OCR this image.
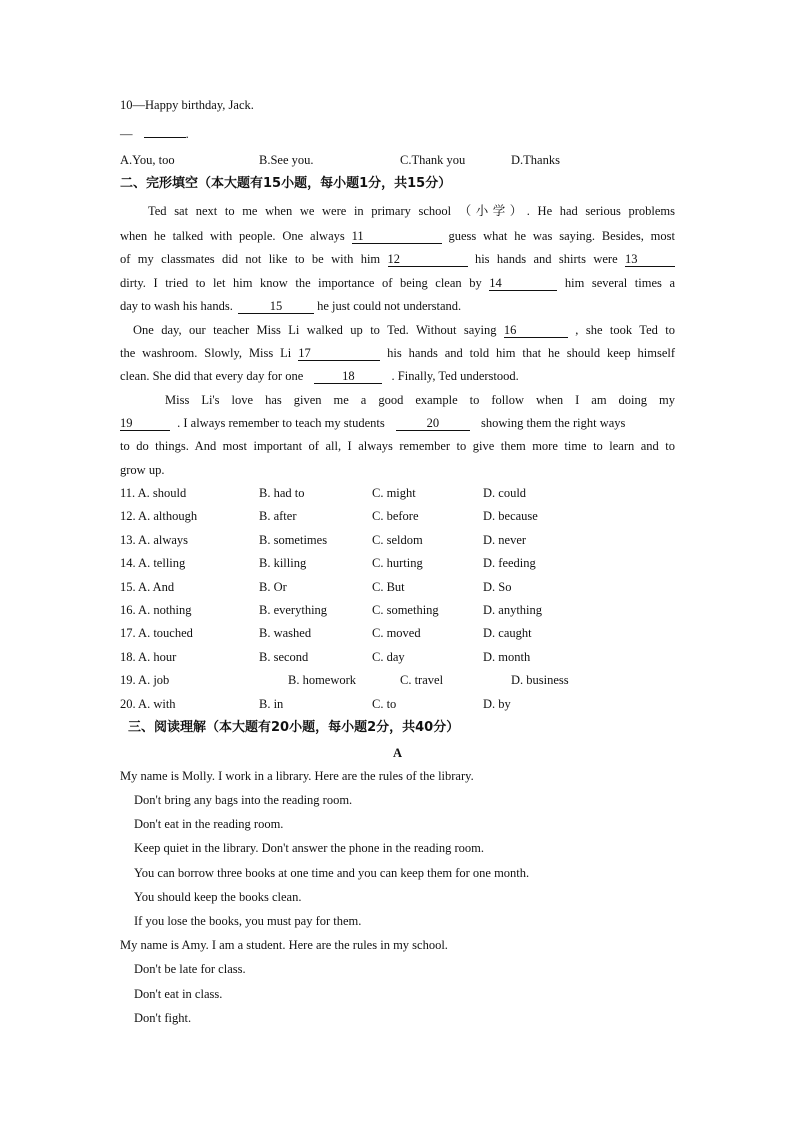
10—Happy birthday, Jack.
—	.
A.You, too	B.See you.	C.Thank you	D.Thanks
二、完形填空（本大题有15小题，每小题1分，共15分）
Ted sat next to me when we were in primary school （小学）. He had serious problems
when he talked with people. One always 11	guess what he was saying. Besides, most
of my classmates did not like to be with him 12	his hands and shirts were 13
dirty. I tried to let him know the importance of being clean by 14	him several times a
day to wash his hands.	15	he just could not understand.
One day, our teacher Miss Li walked up to Ted. Without saying 16	, she took Ted to
the washroom. Slowly, Miss Li 17	his hands and told him that he should keep himself
clean. She did that every day for one	18	. Finally, Ted understood.
Miss Li's love has given me a good example to follow when I am doing my
19	. I always remember to teach my students	20	showing them the right ways
to do things. And most important of all, I always remember to give them more time to learn and to
grow up.
11. A. should	B. had to	C. might	D. could
12. A. although	B. after	C. before	D. because
13. A. always	B. sometimes	C. seldom	D. never
14. A. telling	B. killing	C. hurting	D. feeding
15. A. And	B. Or	C. But	D. So
16. A. nothing	B. everything	C. something	D. anything
17. A. touched	B. washed	C. moved	D. caught
18. A. hour	B. second	C. day	D. month
19. A. job	B. homework	C. travel	D. business
20. A. with	B. in	C. to	D. by
三、阅读理解（本大题有20小题，每小题2分，共40分）
A
My name is Molly. I work in a library. Here are the rules of the library.
Don't bring any bags into the reading room.
Don't eat in the reading room.
Keep quiet in the library. Don't answer the phone in the reading room.
You can borrow three books at one time and you can keep them for one month.
You should keep the books clean.
If you lose the books, you must pay for them.
My name is Amy. I am a student. Here are the rules in my school.
Don't be late for class.
Don't eat in class.
Don't fight.
